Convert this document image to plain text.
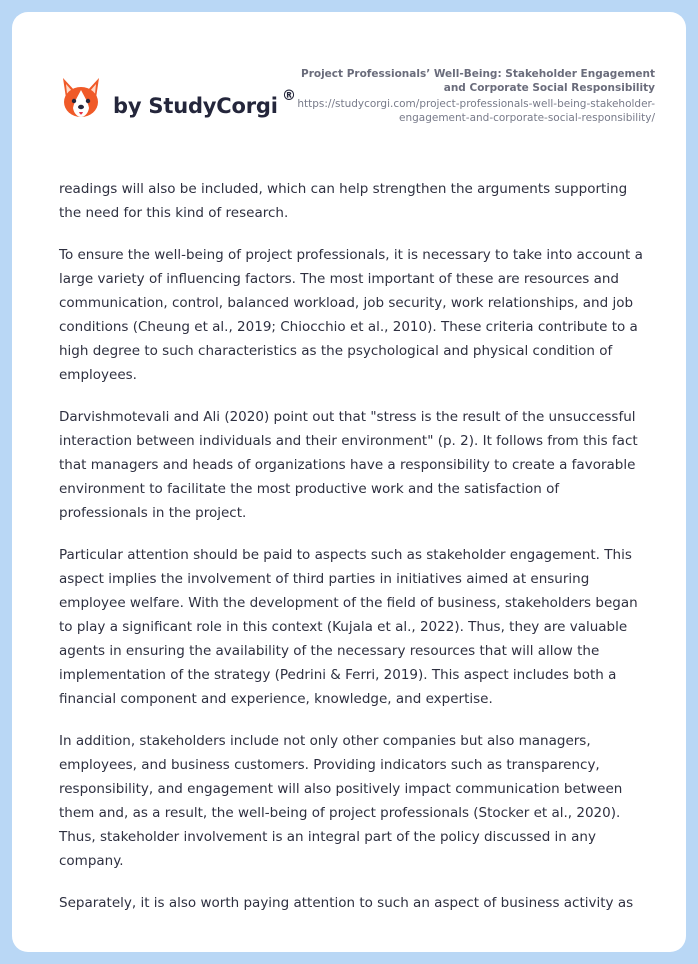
by StudyCorgi ®
Project Professionals’ Well-Being: Stakeholder Engagement and Corporate Social Responsibility
https://studycorgi.com/project-professionals-well-being-stakeholder-engagement-and-corporate-social-responsibility/

readings will also be included, which can help strengthen the arguments supporting the need for this kind of research.

To ensure the well-being of project professionals, it is necessary to take into account a large variety of influencing factors. The most important of these are resources and communication, control, balanced workload, job security, work relationships, and job conditions (Cheung et al., 2019; Chiocchio et al., 2010). These criteria contribute to a high degree to such characteristics as the psychological and physical condition of employees.

Darvishmotevali and Ali (2020) point out that "stress is the result of the unsuccessful interaction between individuals and their environment" (p. 2). It follows from this fact that managers and heads of organizations have a responsibility to create a favorable environment to facilitate the most productive work and the satisfaction of professionals in the project.

Particular attention should be paid to aspects such as stakeholder engagement. This aspect implies the involvement of third parties in initiatives aimed at ensuring employee welfare. With the development of the field of business, stakeholders began to play a significant role in this context (Kujala et al., 2022). Thus, they are valuable agents in ensuring the availability of the necessary resources that will allow the implementation of the strategy (Pedrini & Ferri, 2019). This aspect includes both a financial component and experience, knowledge, and expertise.

In addition, stakeholders include not only other companies but also managers, employees, and business customers. Providing indicators such as transparency, responsibility, and engagement will also positively impact communication between them and, as a result, the well-being of project professionals (Stocker et al., 2020). Thus, stakeholder involvement is an integral part of the policy discussed in any company.

Separately, it is also worth paying attention to such an aspect of business activity as
